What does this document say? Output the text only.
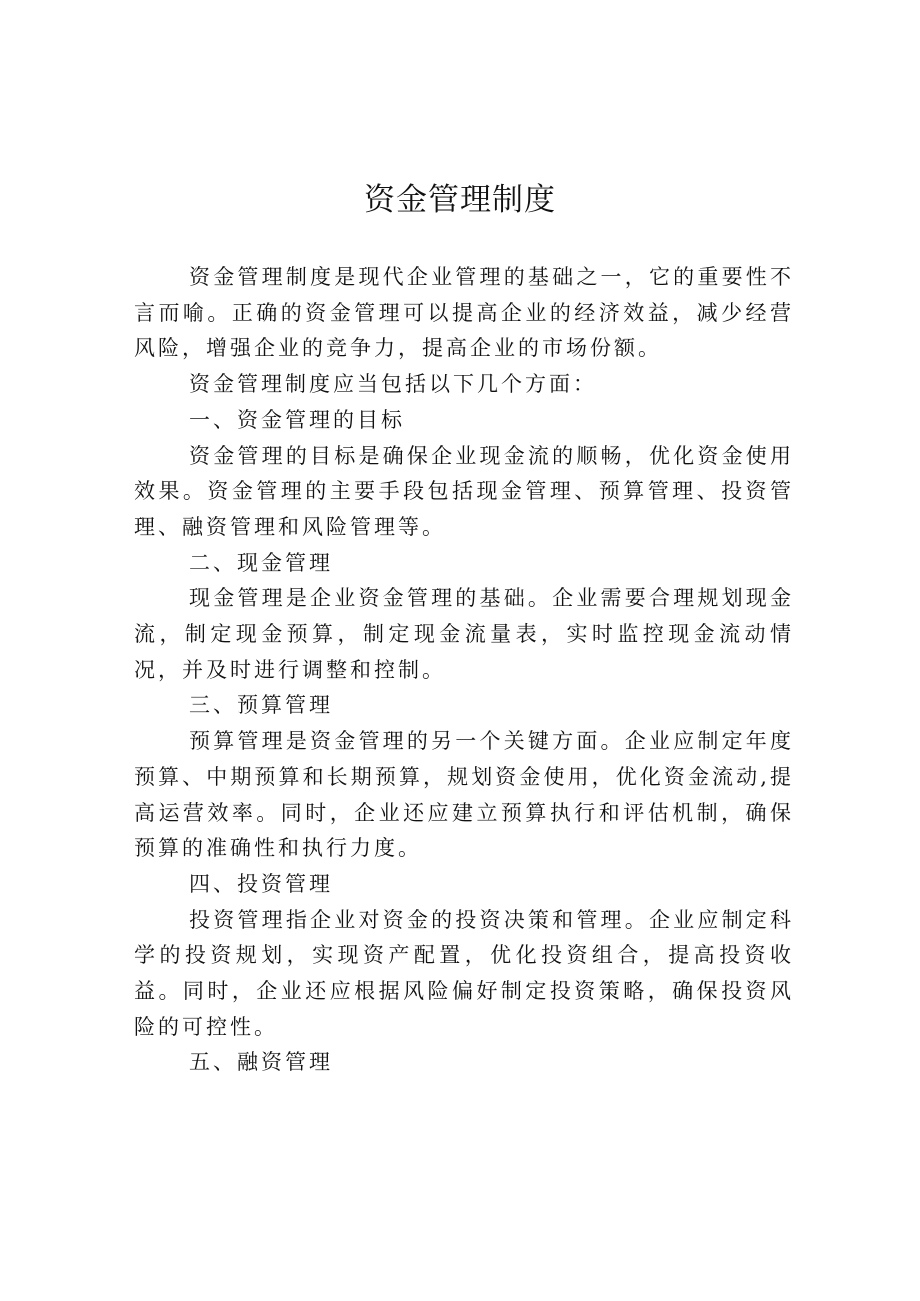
资金管理制度

资金管理制度是现代企业管理的基础之一，它的重要性不言而喻。正确的资金管理可以提高企业的经济效益，减少经营风险，增强企业的竞争力，提高企业的市场份额。

资金管理制度应当包括以下几个方面：

一、资金管理的目标

资金管理的目标是确保企业现金流的顺畅，优化资金使用效果。资金管理的主要手段包括现金管理、预算管理、投资管理、融资管理和风险管理等。

二、现金管理

现金管理是企业资金管理的基础。企业需要合理规划现金流，制定现金预算，制定现金流量表，实时监控现金流动情况，并及时进行调整和控制。

三、预算管理

预算管理是资金管理的另一个关键方面。企业应制定年度预算、中期预算和长期预算，规划资金使用，优化资金流动,提高运营效率。同时，企业还应建立预算执行和评估机制，确保预算的准确性和执行力度。

四、投资管理

投资管理指企业对资金的投资决策和管理。企业应制定科学的投资规划，实现资产配置，优化投资组合，提高投资收益。同时，企业还应根据风险偏好制定投资策略，确保投资风险的可控性。

五、融资管理
